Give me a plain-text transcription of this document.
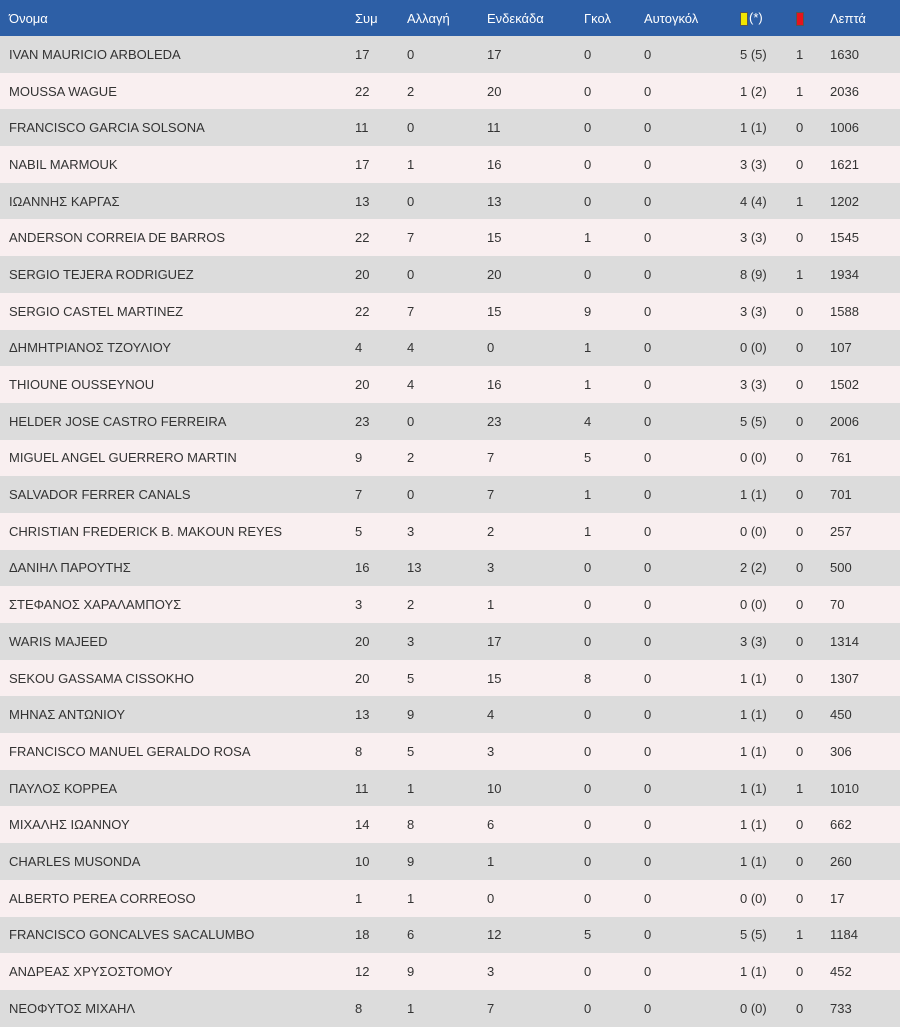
Όνομα	Συμ	Αλλαγή	Ενδεκάδα	Γκολ	Αυτογκόλ	(*)		Λεπτά
IVAN MAURICIO ARBOLEDA	17	0	17	0	0	5 (5)	1	1630
MOUSSA WAGUE	22	2	20	0	0	1 (2)	1	2036
FRANCISCO GARCIA SOLSONA	11	0	11	0	0	1 (1)	0	1006
NABIL MARMOUK	17	1	16	0	0	3 (3)	0	1621
ΙΩΑΝΝΗΣ ΚΑΡΓΑΣ	13	0	13	0	0	4 (4)	1	1202
ANDERSON CORREIA DE BARROS	22	7	15	1	0	3 (3)	0	1545
SERGIO TEJERA RODRIGUEZ	20	0	20	0	0	8 (9)	1	1934
SERGIO CASTEL MARTINEZ	22	7	15	9	0	3 (3)	0	1588
ΔΗΜΗΤΡΙΑΝΟΣ ΤΖΟΥΛΙΟΥ	4	4	0	1	0	0 (0)	0	107
THIOUNE OUSSEYNOU	20	4	16	1	0	3 (3)	0	1502
HELDER JOSE CASTRO FERREIRA	23	0	23	4	0	5 (5)	0	2006
MIGUEL ANGEL GUERRERO MARTIN	9	2	7	5	0	0 (0)	0	761
SALVADOR FERRER CANALS	7	0	7	1	0	1 (1)	0	701
CHRISTIAN FREDERICK B. MAKOUN REYES	5	3	2	1	0	0 (0)	0	257
ΔΑΝΙΗΛ ΠΑΡΟΥΤΗΣ	16	13	3	0	0	2 (2)	0	500
ΣΤΕΦΑΝΟΣ ΧΑΡΑΛΑΜΠΟΥΣ	3	2	1	0	0	0 (0)	0	70
WARIS MAJEED	20	3	17	0	0	3 (3)	0	1314
SEKOU GASSAMA CISSOKHO	20	5	15	8	0	1 (1)	0	1307
ΜΗΝΑΣ ΑΝΤΩΝΙΟΥ	13	9	4	0	0	1 (1)	0	450
FRANCISCO MANUEL GERALDO ROSA	8	5	3	0	0	1 (1)	0	306
ΠΑΥΛΟΣ ΚΟΡΡΕΑ	11	1	10	0	0	1 (1)	1	1010
ΜΙΧΑΛΗΣ ΙΩΑΝΝΟΥ	14	8	6	0	0	1 (1)	0	662
CHARLES MUSONDA	10	9	1	0	0	1 (1)	0	260
ALBERTO PEREA CORREOSO	1	1	0	0	0	0 (0)	0	17
FRANCISCO GONCALVES SACALUMBO	18	6	12	5	0	5 (5)	1	1184
ΑΝΔΡΕΑΣ ΧΡΥΣΟΣΤΟΜΟΥ	12	9	3	0	0	1 (1)	0	452
ΝΕΟΦΥΤΟΣ ΜΙΧΑΗΛ	8	1	7	0	0	0 (0)	0	733
